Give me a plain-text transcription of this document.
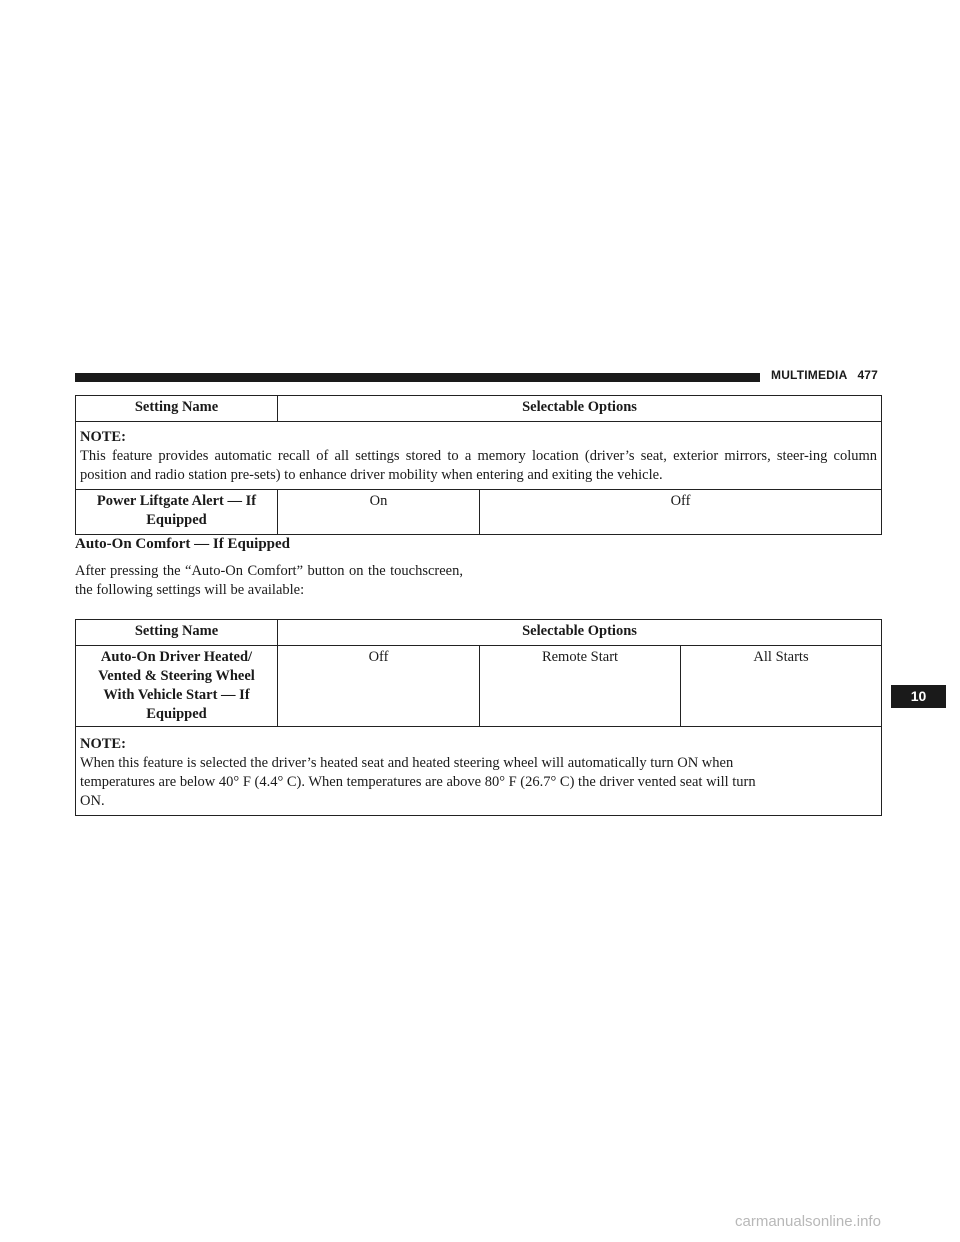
MULTIMEDIA 477
Setting Name	Selectable Options	

NOTE:
This feature provides automatic recall of all settings stored to a memory location (driver’s seat, exterior mirrors, steer-ing column position and radio station pre-sets) to enhance driver mobility when entering and exiting the vehicle.		

Power Liftgate Alert — If
Equipped	On	Off
Auto-On Comfort — If Equipped
After pressing the “Auto-On Comfort” button on the touchscreen, the following settings will be available:
Setting Name	Selectable Options		

Auto-On Driver Heated/
Vented & Steering Wheel
With Vehicle Start — If
Equipped	Off	Remote Start	All Starts

NOTE:
When this feature is selected the driver’s heated seat and heated steering wheel will automatically turn ON when
temperatures are below 40° F (4.4° C). When temperatures are above 80° F (26.7° C) the driver vented seat will turn
ON.			
10
carmanualsonline.info
